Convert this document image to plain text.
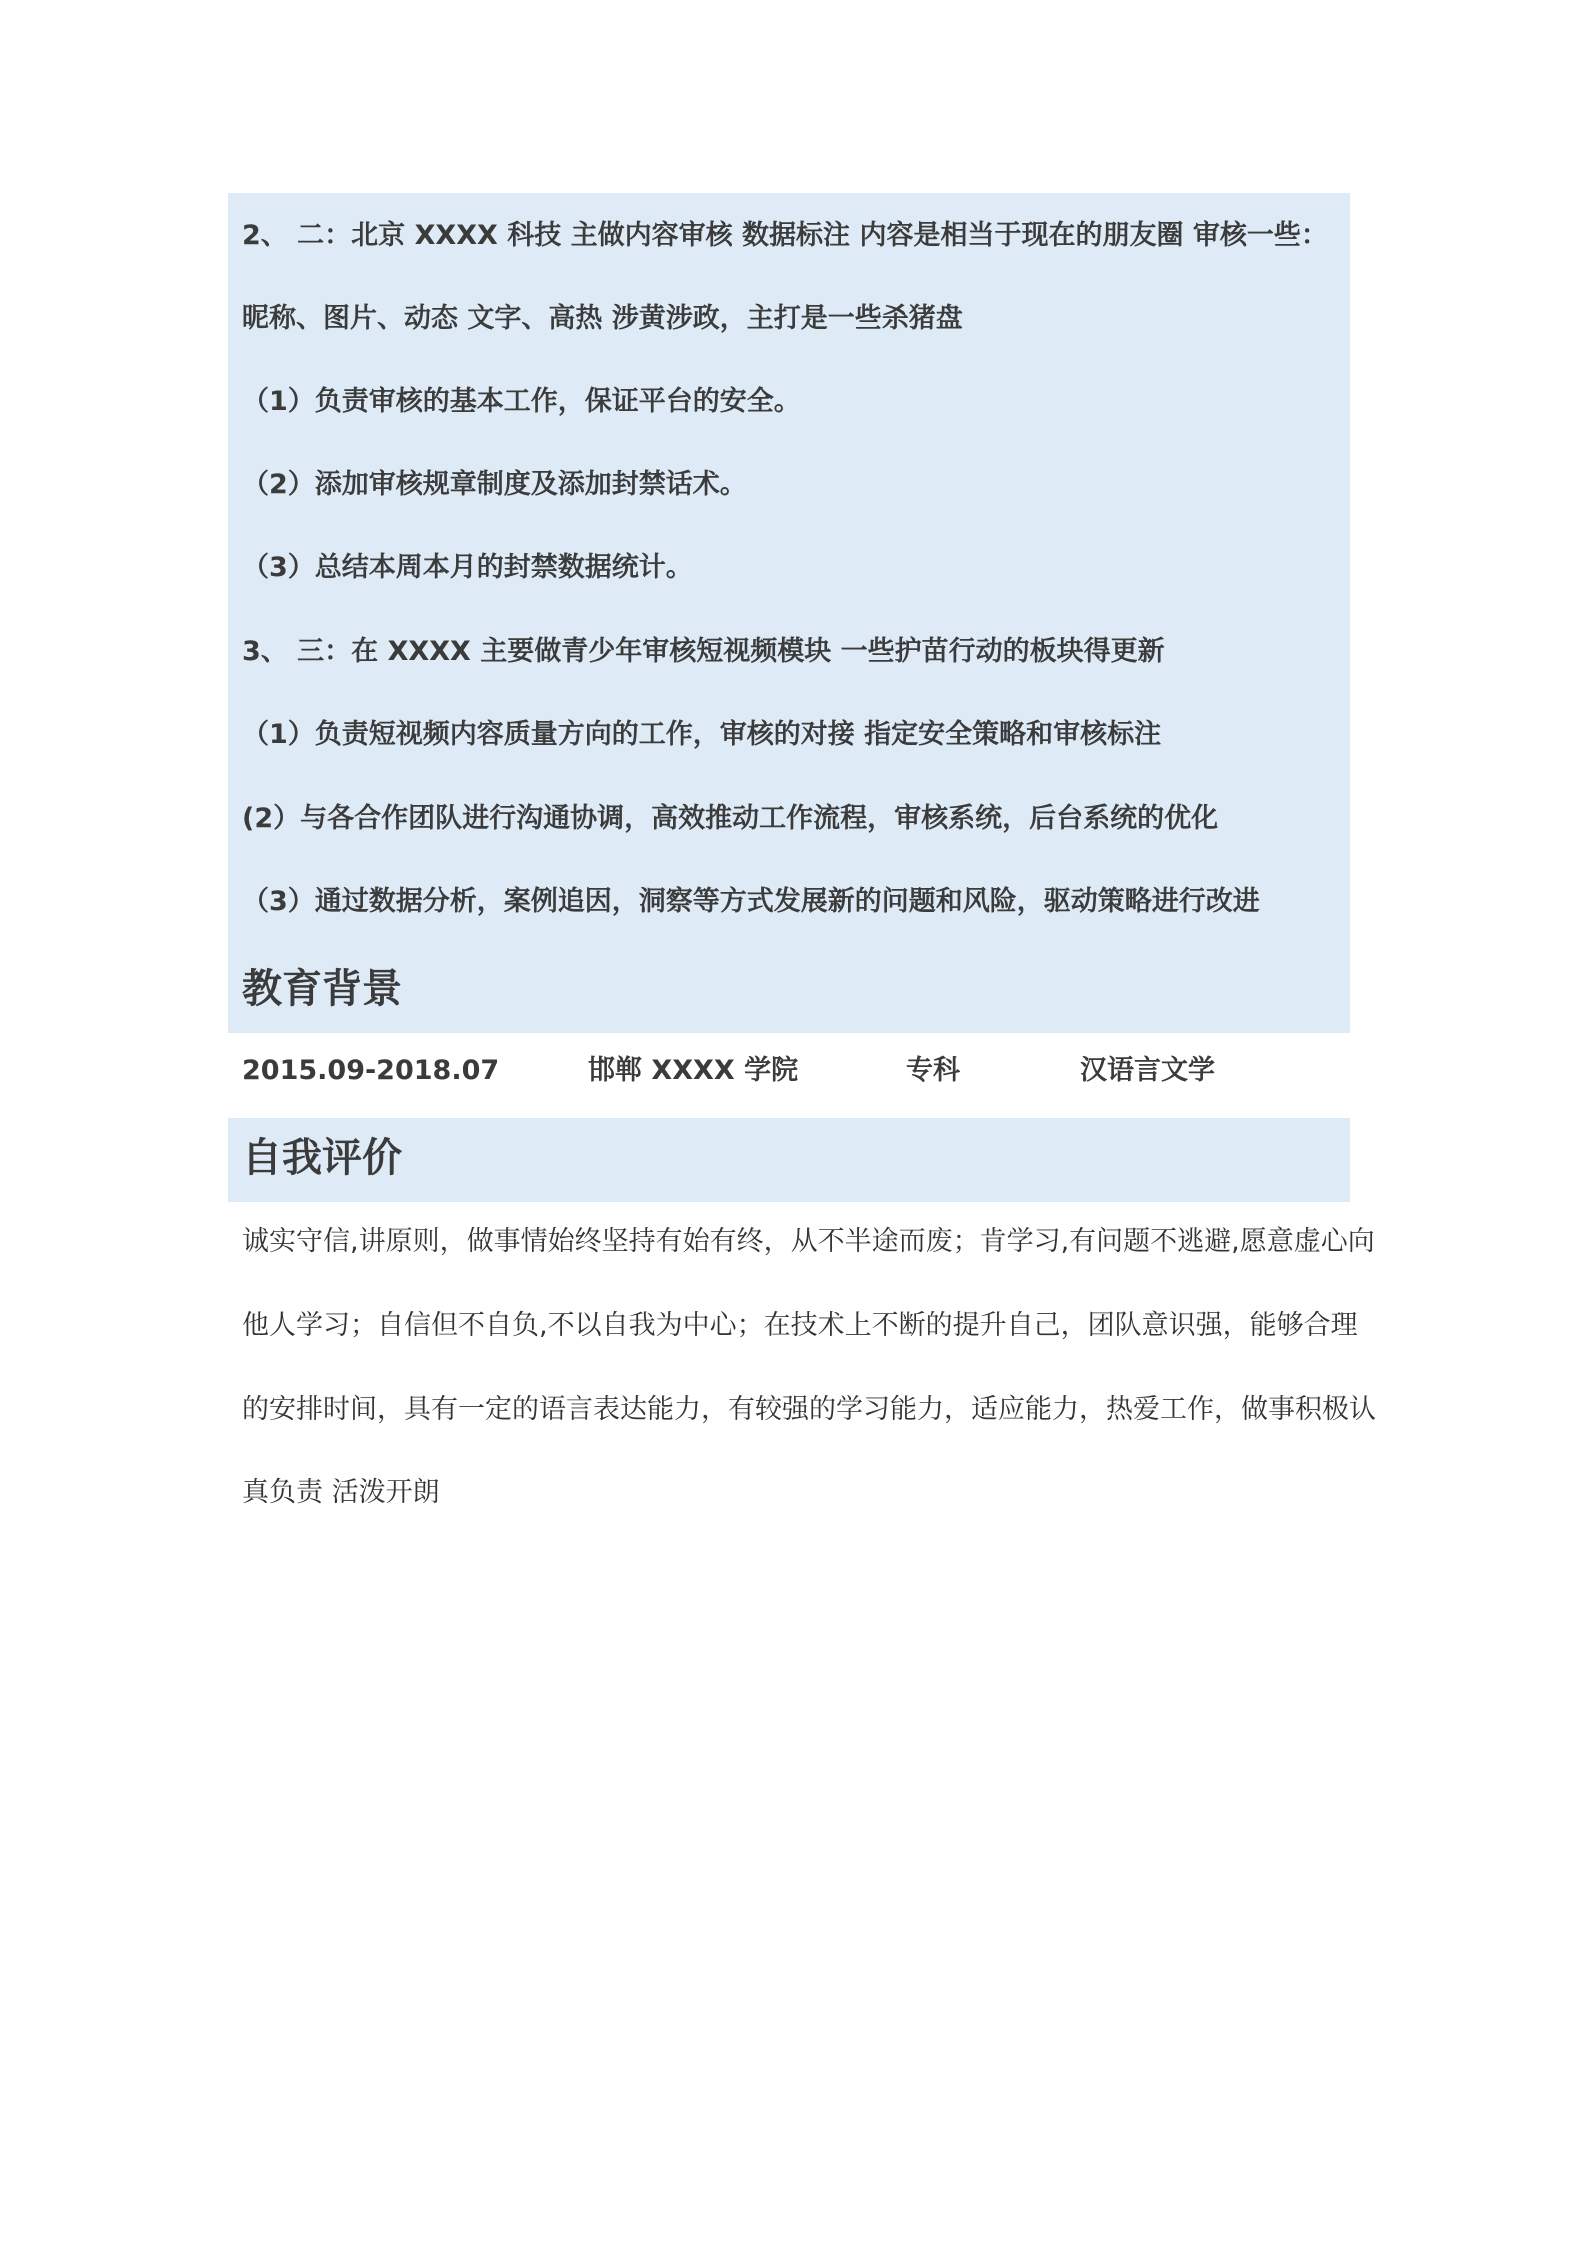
2、 二：北京 XXXX 科技 主做内容审核 数据标注 内容是相当于现在的朋友圈 审核一些：
昵称、图片、动态 文字、高热 涉黄涉政，主打是一些杀猪盘
（1）负责审核的基本工作，保证平台的安全。
（2）添加审核规章制度及添加封禁话术。
（3）总结本周本月的封禁数据统计。
3、 三：在 XXXX 主要做青少年审核短视频模块 一些护苗行动的板块得更新
（1）负责短视频内容质量方向的工作，审核的对接 指定安全策略和审核标注
(2）与各合作团队进行沟通协调，高效推动工作流程，审核系统，后台系统的优化
（3）通过数据分析，案例追因，洞察等方式发展新的问题和风险，驱动策略进行改进
教育背景
2015.09-2018.07	邯郸 XXXX 学院	专科	汉语言文学
自我评价
诚实守信,讲原则，做事情始终坚持有始有终，从不半途而废；肯学习,有问题不逃避,愿意虚心向
他人学习；自信但不自负,不以自我为中心；在技术上不断的提升自己，团队意识强，能够合理
的安排时间，具有一定的语言表达能力，有较强的学习能力，适应能力，热爱工作，做事积极认
真负责 活泼开朗
